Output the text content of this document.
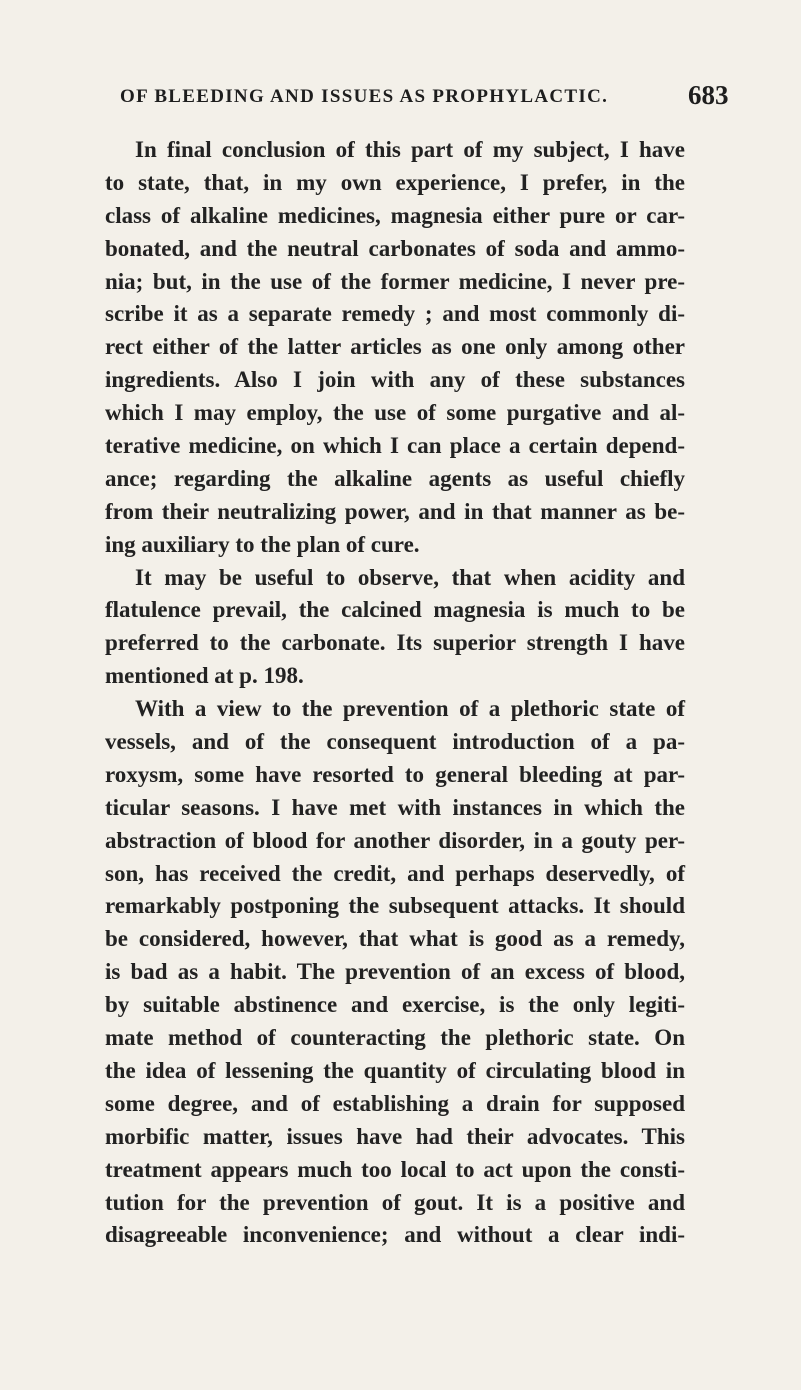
OF BLEEDING AND ISSUES AS PROPHYLACTIC.	683
In final conclusion of this part of my subject, I have
to state, that, in my own experience, I prefer, in the
class of alkaline medicines, magnesia either pure or car-
bonated, and the neutral carbonates of soda and ammo-
nia; but, in the use of the former medicine, I never pre-
scribe it as a separate remedy ; and most commonly di-
rect either of the latter articles as one only among other
ingredients. Also I join with any of these substances
which I may employ, the use of some purgative and al-
terative medicine, on which I can place a certain depend-
ance; regarding the alkaline agents as useful chiefly
from their neutralizing power, and in that manner as be-
ing auxiliary to the plan of cure.
It may be useful to observe, that when acidity and
flatulence prevail, the calcined magnesia is much to be
preferred to the carbonate. Its superior strength I have
mentioned at p. 198.
With a view to the prevention of a plethoric state of
vessels, and of the consequent introduction of a pa-
roxysm, some have resorted to general bleeding at par-
ticular seasons. I have met with instances in which the
abstraction of blood for another disorder, in a gouty per-
son, has received the credit, and perhaps deservedly, of
remarkably postponing the subsequent attacks. It should
be considered, however, that what is good as a remedy,
is bad as a habit. The prevention of an excess of blood,
by suitable abstinence and exercise, is the only legiti-
mate method of counteracting the plethoric state. On
the idea of lessening the quantity of circulating blood in
some degree, and of establishing a drain for supposed
morbific matter, issues have had their advocates. This
treatment appears much too local to act upon the consti-
tution for the prevention of gout. It is a positive and
disagreeable inconvenience; and without a clear indi-
